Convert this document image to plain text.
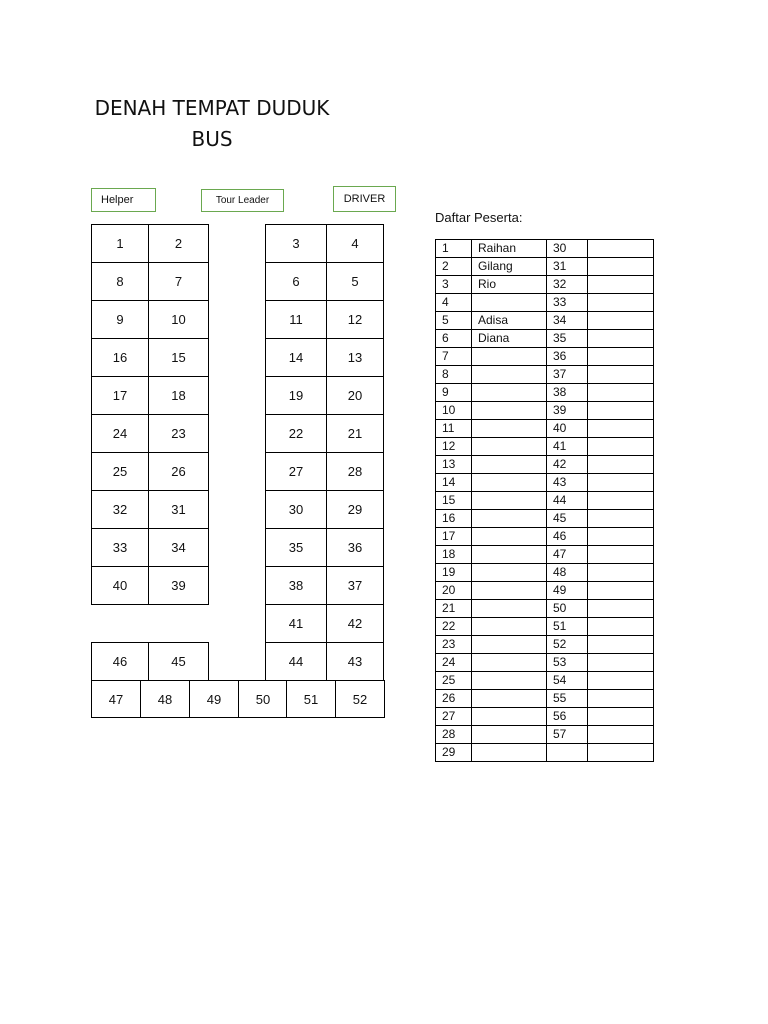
DENAH TEMPAT DUDUK
BUS
Helper	Tour Leader	DRIVER
1	2
8	7
9	10
16	15
17	18
24	23
25	26
32	31
33	34
40	39
46	45
3	4
6	5
11	12
14	13
19	20
22	21
27	28
30	29
35	36
38	37
41	42
44	43
47	48	49	50	51	52
Daftar Peserta:
1	Raihan	30	
2	Gilang	31	
3	Rio	32	
4		33	
5	Adisa	34	
6	Diana	35	
7		36	
8		37	
9		38	
10		39	
11		40	
12		41	
13		42	
14		43	
15		44	
16		45	
17		46	
18		47	
19		48	
20		49	
21		50	
22		51	
23		52	
24		53	
25		54	
26		55	
27		56	
28		57	
29			
